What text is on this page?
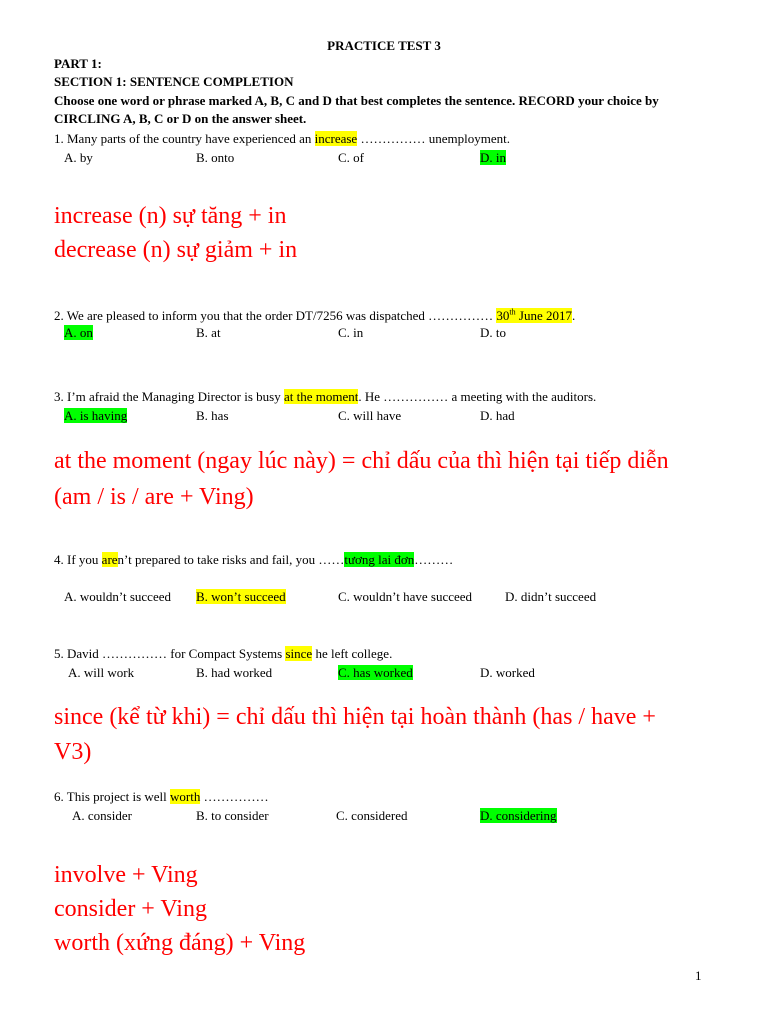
PRACTICE TEST 3
PART 1:
SECTION 1: SENTENCE COMPLETION
Choose one word or phrase marked A, B, C and D that best completes the sentence. RECORD your choice by
CIRCLING A, B, C or D on the answer sheet.
1. Many parts of the country have experienced an increase …………… unemployment.
A. by	B. onto	C. of	D. in
increase (n) sự tăng + in
decrease (n) sự giảm + in
2. We are pleased to inform you that the order DT/7256 was dispatched …………… 30th June 2017.
A. on	B. at	C. in	D. to
3. I’m afraid the Managing Director is busy at the moment. He …………… a meeting with the auditors.
A. is having	B. has	C. will have	D. had
at the moment (ngay lúc này) = chỉ dấu của thì hiện tại tiếp diễn
(am / is / are + Ving)
4. If you aren’t prepared to take risks and fail, you ……tương lai đơn………
A. wouldn’t succeed B. won’t succeed	C. wouldn’t have succeed	D. didn’t succeed
5. David …………… for Compact Systems since he left college.
A. will work	B. had worked	C. has worked	D. worked
since (kể từ khi) = chỉ dấu thì hiện tại hoàn thành (has / have +
V3)
6. This project is well worth ……………
A. consider	B. to consider	C. considered	D. considering
involve + Ving
consider + Ving
worth (xứng đáng) + Ving
1
